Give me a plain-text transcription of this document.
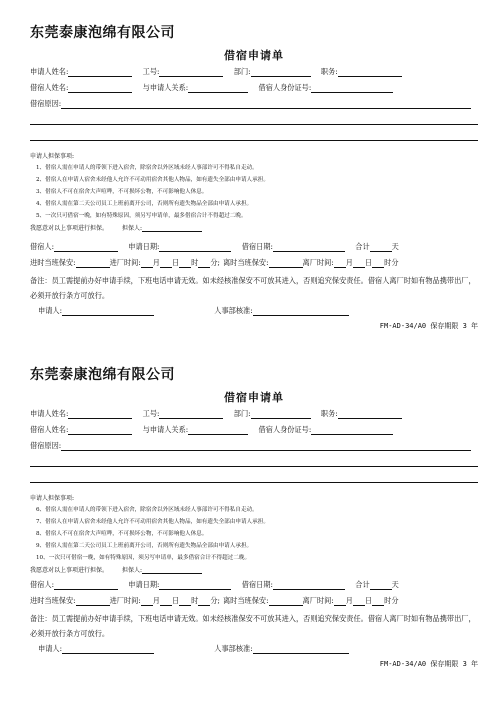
东莞泰康泡绵有限公司
借宿申请单
申请人姓名:	工号:	部门:	职务:
借宿人姓名:	与申请人关系:	借宿人身份证号:
借宿原因:
申请人担保事项:
1、借宿人需在申请人的带领下进入宿舍，除宿舍以外区域未经人事部许可不得私自走动。
2、借宿人在申请人宿舍未经他人允许不可动用宿舍其他人物品，如有遗失全部由申请人承担。
3、借宿人不可在宿舍大声喧哗，不可损坏公物，不可影响他人休息。
4、借宿人需在第二天公司员工上班前离开公司，否则所有遗失物品全部由申请人承担。
5、一次只可借宿一晚，如有特殊原因，须另写申请单，最多借宿合计不得超过二晚。
我愿意对以上事项进行担保。 担保人:
借宿人:	申请日期:	借宿日期:	合计	天
进时当班保安:	进厂时间: 月 日 时 分; 离时当班保安:	离厂时间: 月 日 时分
备注：员工需提前办好申请手续，下班电话申请无效。如未经核准保安不可放其进入，否则追究保安责任。借宿人离厂时如有物品携带出厂，必须开放行条方可放行。
申请人:	人事部核准:
FM-AD-34/A0 保存期限 3 年
东莞泰康泡绵有限公司
借宿申请单
申请人姓名:	工号:	部门:	职务:
借宿人姓名:	与申请人关系:	借宿人身份证号:
借宿原因:
申请人担保事项:
6、借宿人需在申请人的带领下进入宿舍，除宿舍以外区域未经人事部许可不得私自走动。
7、借宿人在申请人宿舍未经他人允许不可动用宿舍其他人物品，如有遗失全部由申请人承担。
8、借宿人不可在宿舍大声喧哗，不可损坏公物，不可影响他人休息。
9、借宿人需在第二天公司员工上班前离开公司，否则所有遗失物品全部由申请人承担。
10、一次只可借宿一晚，如有特殊原因，须另写申请单，最多借宿合计不得超过二晚。
我愿意对以上事项进行担保。 担保人:
借宿人:	申请日期:	借宿日期:	合计	天
进时当班保安:	进厂时间: 月 日 时 分; 离时当班保安:	离厂时间: 月 日 时分
备注：员工需提前办好申请手续，下班电话申请无效。如未经核准保安不可放其进入，否则追究保安责任。借宿人离厂时如有物品携带出厂，必须开放行条方可放行。
申请人:	人事部核准:
FM-AD-34/A0 保存期限 3 年
